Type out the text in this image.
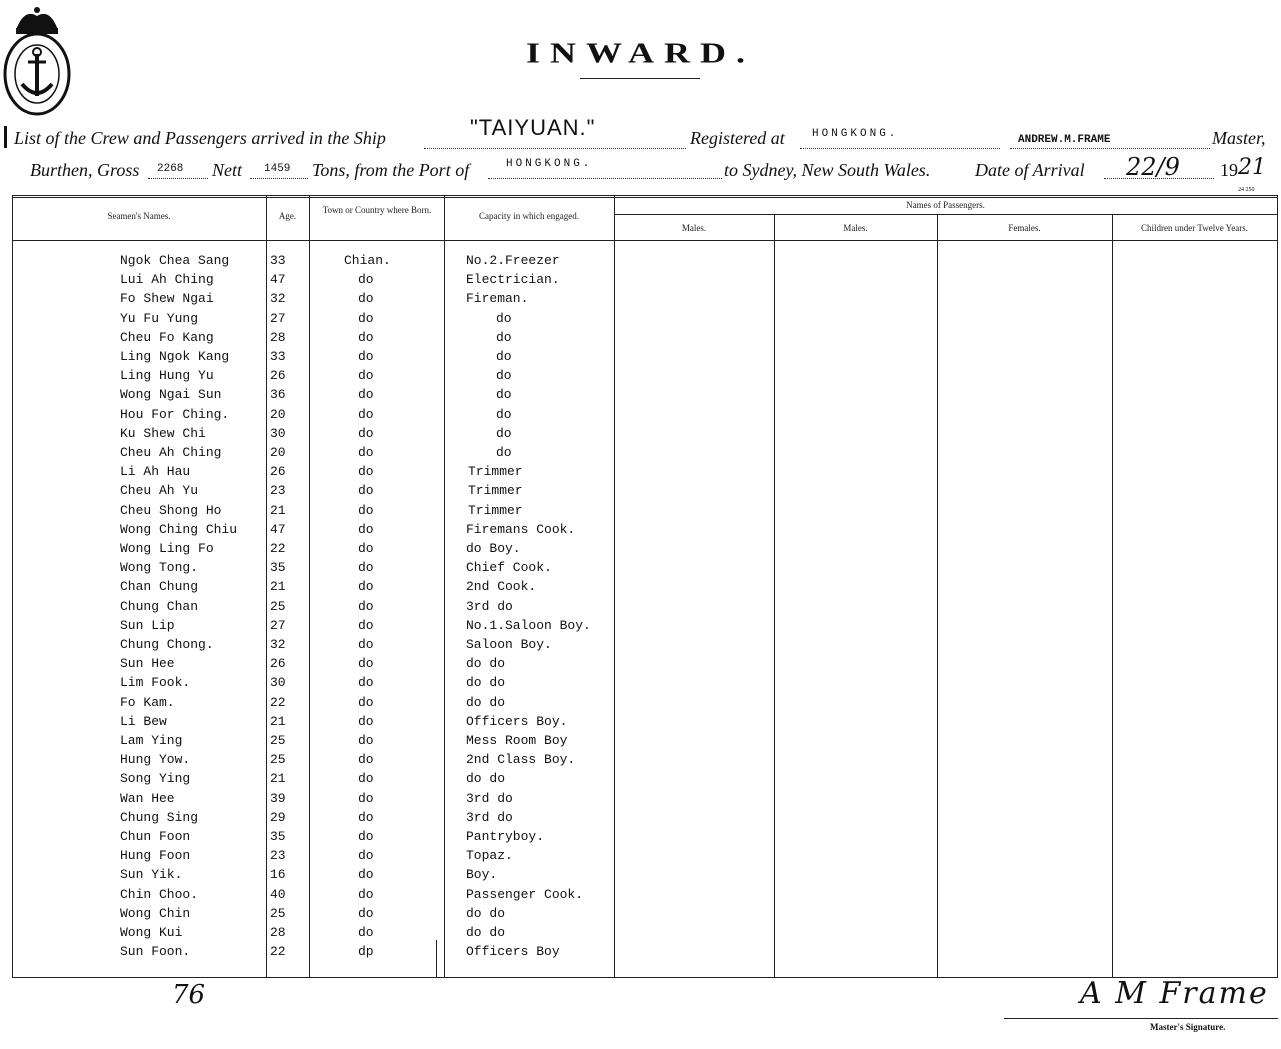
INWARD.
List of the Crew and Passengers arrived in the Ship	"TAIYUAN."	Registered at HONGKONG.	ANDREW.M.FRAME	Master,
Burthen, Gross 2268 Nett 1459 Tons, from the Port of	HONGKONG.	to Sydney, New South Wales. Date of Arrival 22/9 19 21
24 250
Seamen's Names.	Age.
Town or Country where Born.
Capacity in which engaged.
Names of Passengers.
Males.	Males.	Females.	Children under Twelve Years.
Ngok Chea Sang	33	Chian.	No.2.Freezer
Lui Ah Ching	47	do	Electrician.
Fo Shew Ngai	32	do	Fireman.
Yu Fu Yung	27	do	do
Cheu Fo Kang	28	do	do
Ling Ngok Kang	33	do	do
Ling Hung Yu	26	do	do
Wong Ngai Sun	36	do	do
Hou For Ching.	20	do	do
Ku Shew Chi	30	do	do
Cheu Ah Ching	20	do	do
Li Ah Hau	26	do	Trimmer
Cheu Ah Yu	23	do	Trimmer
Cheu Shong Ho	21	do	Trimmer
Wong Ching Chiu	47	do	Firemans Cook.
Wong Ling Fo	22	do	do Boy.
Wong Tong.	35	do	Chief Cook.
Chan Chung	21	do	2nd Cook.
Chung Chan	25	do	3rd do
Sun Lip	27	do	No.1.Saloon Boy.
Chung Chong.	32	do	Saloon Boy.
Sun Hee	26	do	do do
Lim Fook.	30	do	do do
Fo Kam.	22	do	do do
Li Bew	21	do	Officers Boy.
Lam Ying	25	do	Mess Room Boy
Hung Yow.	25	do	2nd Class Boy.
Song Ying	21	do	do do
Wan Hee	39	do	3rd do
Chung Sing	29	do	3rd do
Chun Foon	35	do	Pantryboy.
Hung Foon	23	do	Topaz.
Sun Yik.	16	do	Boy.
Chin Choo.	40	do	Passenger Cook.
Wong Chin	25	do	do do
Wong Kui	28	do	do do
Sun Foon.	22	dp	Officers Boy
76	A M Frame
Master's Signature.
